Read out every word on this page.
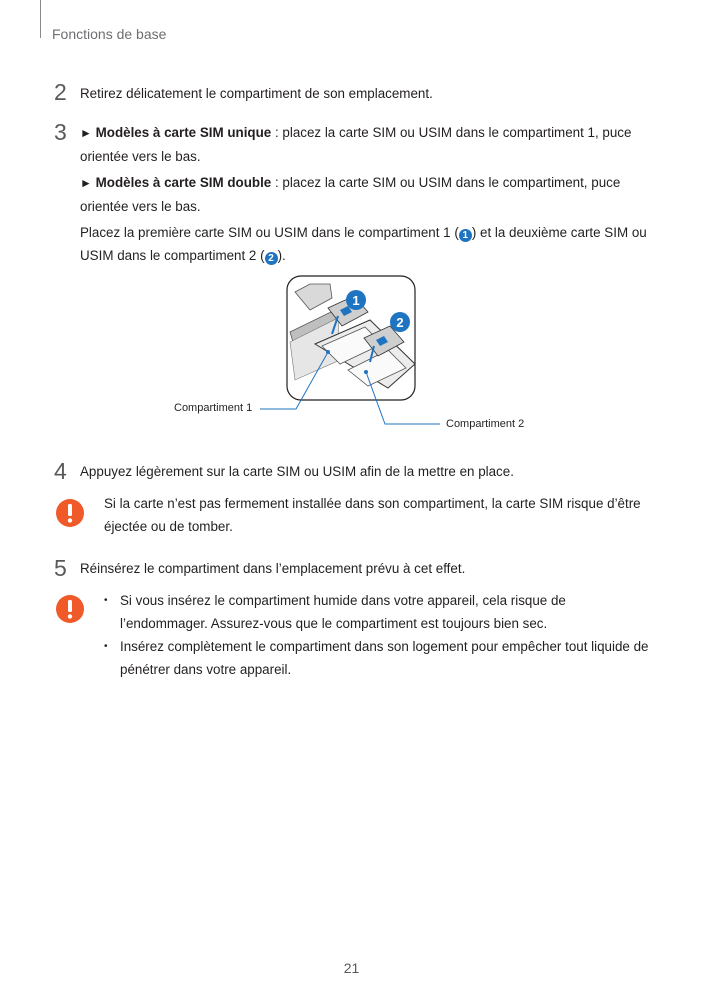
Fonctions de base
2 Retirez délicatement le compartiment de son emplacement.
3 ► Modèles à carte SIM unique : placez la carte SIM ou USIM dans le compartiment 1, puce orientée vers le bas.

► Modèles à carte SIM double : placez la carte SIM ou USIM dans le compartiment, puce orientée vers le bas.

Placez la première carte SIM ou USIM dans le compartiment 1 ( 1 ) et la deuxième carte SIM ou USIM dans le compartiment 2 ( 2 ).

1
2
Compartiment 1
Compartiment 2
4 Appuyez légèrement sur la carte SIM ou USIM afin de la mettre en place.
Si la carte n’est pas fermement installée dans son compartiment, la carte SIM risque d’être éjectée ou de tomber.
5 Réinsérez le compartiment dans l’emplacement prévu à cet effet.
• Si vous insérez le compartiment humide dans votre appareil, cela risque de l’endommager. Assurez-vous que le compartiment est toujours bien sec.
• Insérez complètement le compartiment dans son logement pour empêcher tout liquide de pénétrer dans votre appareil.
21
